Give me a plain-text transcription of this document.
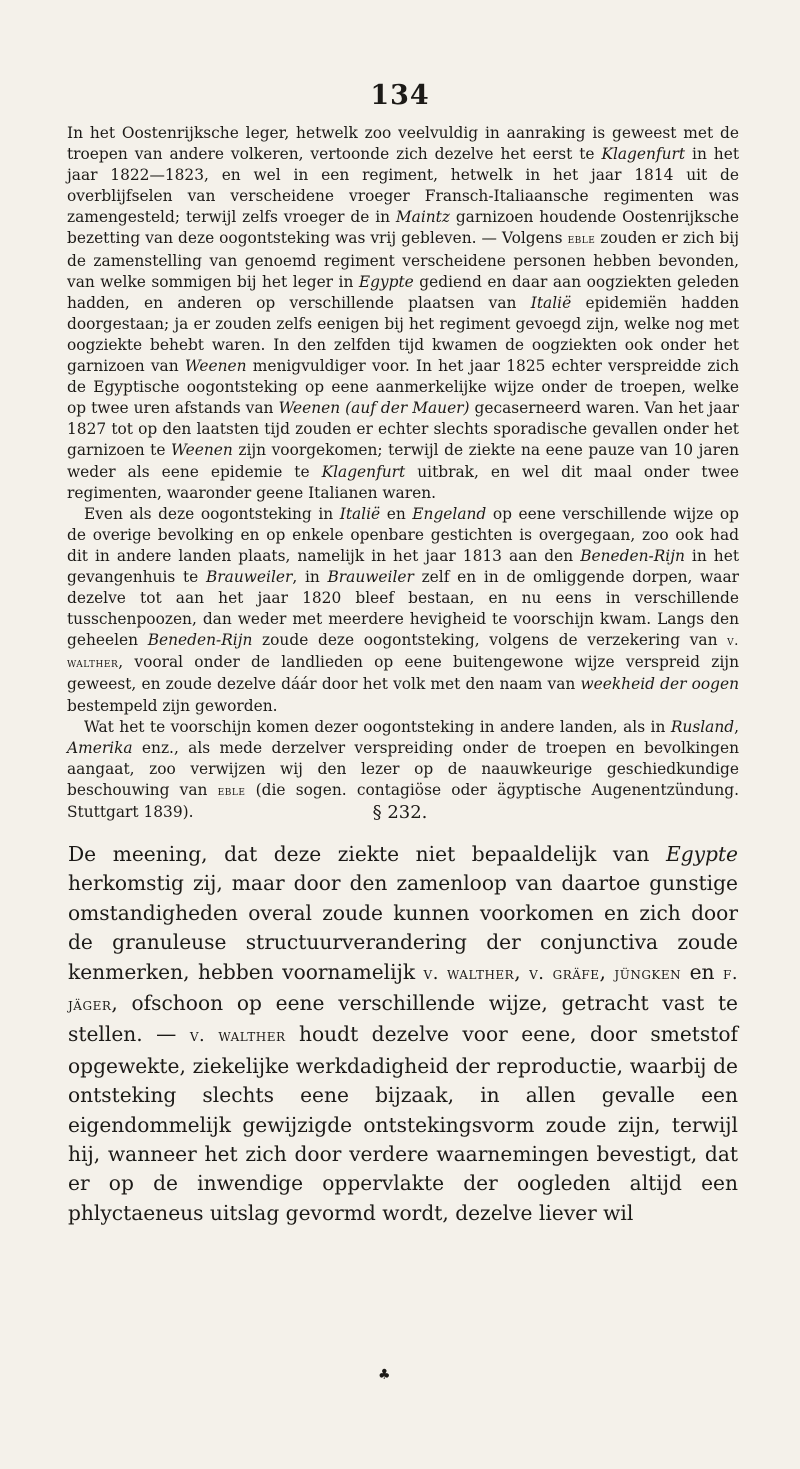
134

In het Oostenrijksche leger, hetwelk zoo veelvuldig in aanraking is geweest met de troepen van andere volkeren, vertoonde zich dezelve het eerst te Klagenfurt in het jaar 1822—1823, en wel in een regiment, hetwelk in het jaar 1814 uit de overblijfselen van verscheidene vroeger Fransch-Italiaansche regimenten was zamengesteld; terwijl zelfs vroeger de in Maintz garnizoen houdende Oostenrijksche bezetting van deze oogontsteking was vrij gebleven. — Volgens eble zouden er zich bij de zamenstelling van genoemd regiment verscheidene personen hebben bevonden, van welke sommigen bij het leger in Egypte gediend en daar aan oogziekten geleden hadden, en anderen op verschillende plaatsen van Italië epidemiën hadden doorgestaan; ja er zouden zelfs eenigen bij het regiment gevoegd zijn, welke nog met oogziekte behebt waren. In den zelfden tijd kwamen de oogziekten ook onder het garnizoen van Weenen menigvuldiger voor. In het jaar 1825 echter verspreidde zich de Egyptische oogontsteking op eene aanmerkelijke wijze onder de troepen, welke op twee uren afstands van Weenen (auf der Mauer) gecaserneerd waren. Van het jaar 1827 tot op den laatsten tijd zouden er echter slechts sporadische gevallen onder het garnizoen te Weenen zijn voorgekomen; terwijl de ziekte na eene pauze van 10 jaren weder als eene epidemie te Klagenfurt uitbrak, en wel dit maal onder twee regimenten, waaronder geene Italianen waren.

Even als deze oogontsteking in Italië en Engeland op eene verschillende wijze op de overige bevolking en op enkele openbare gestichten is overgegaan, zoo ook had dit in andere landen plaats, namelijk in het jaar 1813 aan den Beneden-Rijn in het gevangenhuis te Brauweiler, in Brauweiler zelf en in de omliggende dorpen, waar dezelve tot aan het jaar 1820 bleef bestaan, en nu eens in verschillende tusschenpoozen, dan weder met meerdere hevigheid te voorschijn kwam. Langs den geheelen Beneden-Rijn zoude deze oogontsteking, volgens de verzekering van v. walther, vooral onder de landlieden op eene buitengewone wijze verspreid zijn geweest, en zoude dezelve dáár door het volk met den naam van weekheid der oogen bestempeld zijn geworden.

Wat het te voorschijn komen dezer oogontsteking in andere landen, als in Rusland, Amerika enz., als mede derzelver verspreiding onder de troepen en bevolkingen aangaat, zoo verwijzen wij den lezer op de naauwkeurige geschiedkundige beschouwing van eble (die sogen. contagiöse oder ägyptische Augenentzündung. Stuttgart 1839).	§ 232.

De meening, dat deze ziekte niet bepaaldelijk van Egypte herkomstig zij, maar door den zamenloop van daartoe gunstige omstandigheden overal zoude kunnen voorkomen en zich door de granuleuse structuurverandering der conjunctiva zoude kenmerken, hebben voornamelijk v. walther, v. gräfe, jüngken en f. jäger, ofschoon op eene verschillende wijze, getracht vast te stellen. — v. walther houdt dezelve voor eene, door smetstof opgewekte, ziekelijke werkdadigheid der reproductie, waarbij de ontsteking slechts eene bijzaak, in allen gevalle een eigendommelijk gewijzigde ontstekingsvorm zoude zijn, terwijl hij, wanneer het zich door verdere waarnemingen bevestigt, dat er op de inwendige oppervlakte der oogleden altijd een phlyctaeneus uitslag gevormd wordt, dezelve liever wil

♣
